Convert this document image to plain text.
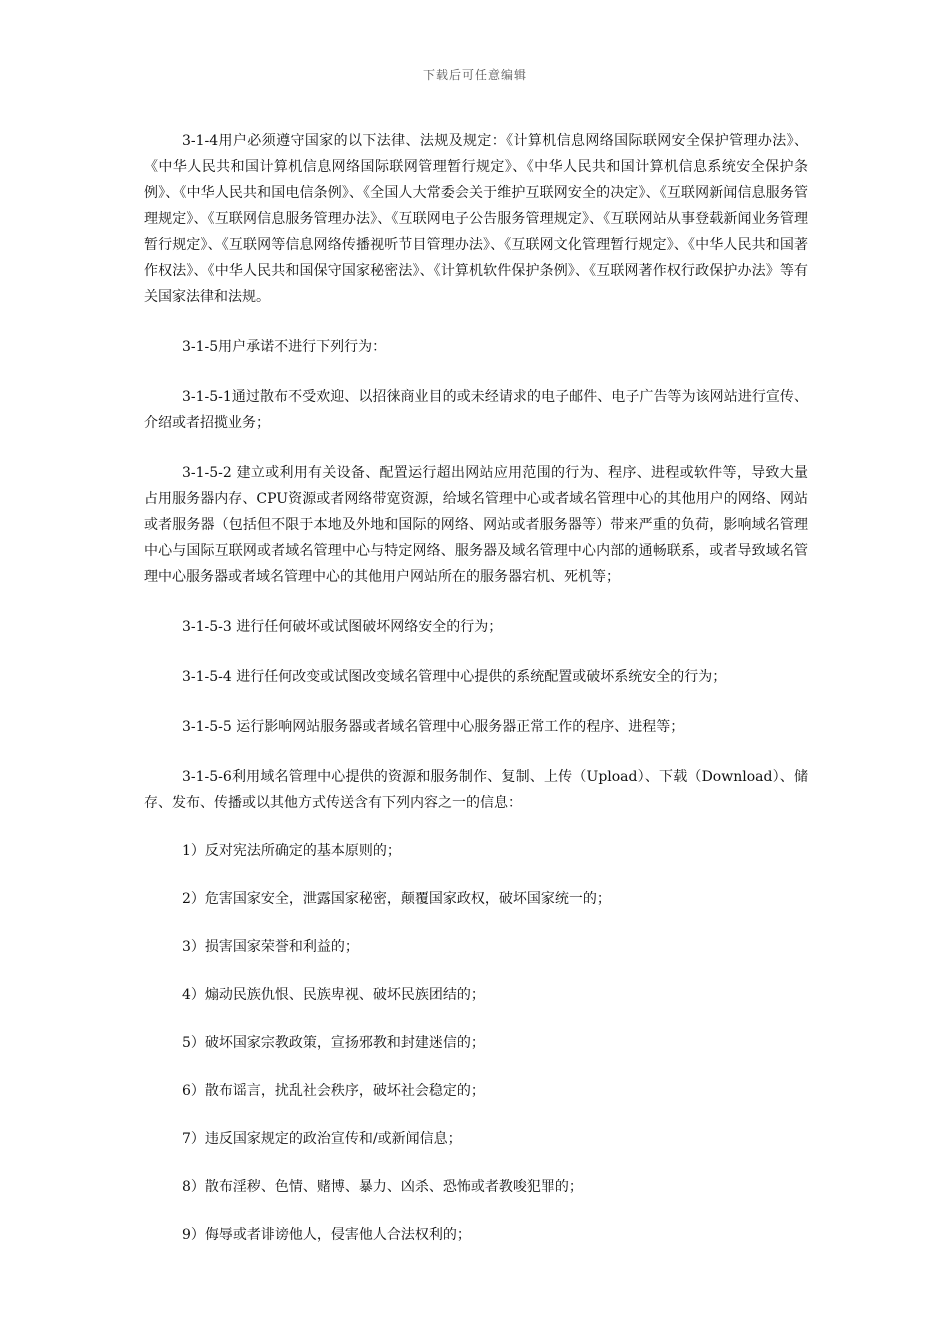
下载后可任意编辑

3-1-4用户必须遵守国家的以下法律、法规及规定：《计算机信息网络国际联网安全保护管理办法》、《中华人民共和国计算机信息网络国际联网管理暂行规定》、《中华人民共和国计算机信息系统安全保护条例》、《中华人民共和国电信条例》、《全国人大常委会关于维护互联网安全的决定》、《互联网新闻信息服务管理规定》、《互联网信息服务管理办法》、《互联网电子公告服务管理规定》、《互联网站从事登载新闻业务管理暂行规定》、《互联网等信息网络传播视听节目管理办法》、《互联网文化管理暂行规定》、《中华人民共和国著作权法》、《中华人民共和国保守国家秘密法》、《计算机软件保护条例》、《互联网著作权行政保护办法》等有关国家法律和法规。

3-1-5用户承诺不进行下列行为：

3-1-5-1通过散布不受欢迎、以招徕商业目的或未经请求的电子邮件、电子广告等为该网站进行宣传、介绍或者招揽业务；

3-1-5-2 建立或利用有关设备、配置运行超出网站应用范围的行为、程序、进程或软件等，导致大量占用服务器内存、CPU资源或者网络带宽资源，给域名管理中心或者域名管理中心的其他用户的网络、网站或者服务器（包括但不限于本地及外地和国际的网络、网站或者服务器等）带来严重的负荷，影响域名管理中心与国际互联网或者域名管理中心与特定网络、服务器及域名管理中心内部的通畅联系，或者导致域名管理中心服务器或者域名管理中心的其他用户网站所在的服务器宕机、死机等；

3-1-5-3 进行任何破坏或试图破坏网络安全的行为；

3-1-5-4 进行任何改变或试图改变域名管理中心提供的系统配置或破坏系统安全的行为；

3-1-5-5 运行影响网站服务器或者域名管理中心服务器正常工作的程序、进程等；

3-1-5-6利用域名管理中心提供的资源和服务制作、复制、上传（Upload）、下载（Download）、储存、发布、传播或以其他方式传送含有下列内容之一的信息：

1）反对宪法所确定的基本原则的；

2）危害国家安全，泄露国家秘密，颠覆国家政权，破坏国家统一的；

3）损害国家荣誉和利益的；

4）煽动民族仇恨、民族卑视、破坏民族团结的；

5）破坏国家宗教政策，宣扬邪教和封建迷信的；

6）散布谣言，扰乱社会秩序，破坏社会稳定的；

7）违反国家规定的政治宣传和/或新闻信息；

8）散布淫秽、色情、赌博、暴力、凶杀、恐怖或者教唆犯罪的；

9）侮辱或者诽谤他人，侵害他人合法权利的；
